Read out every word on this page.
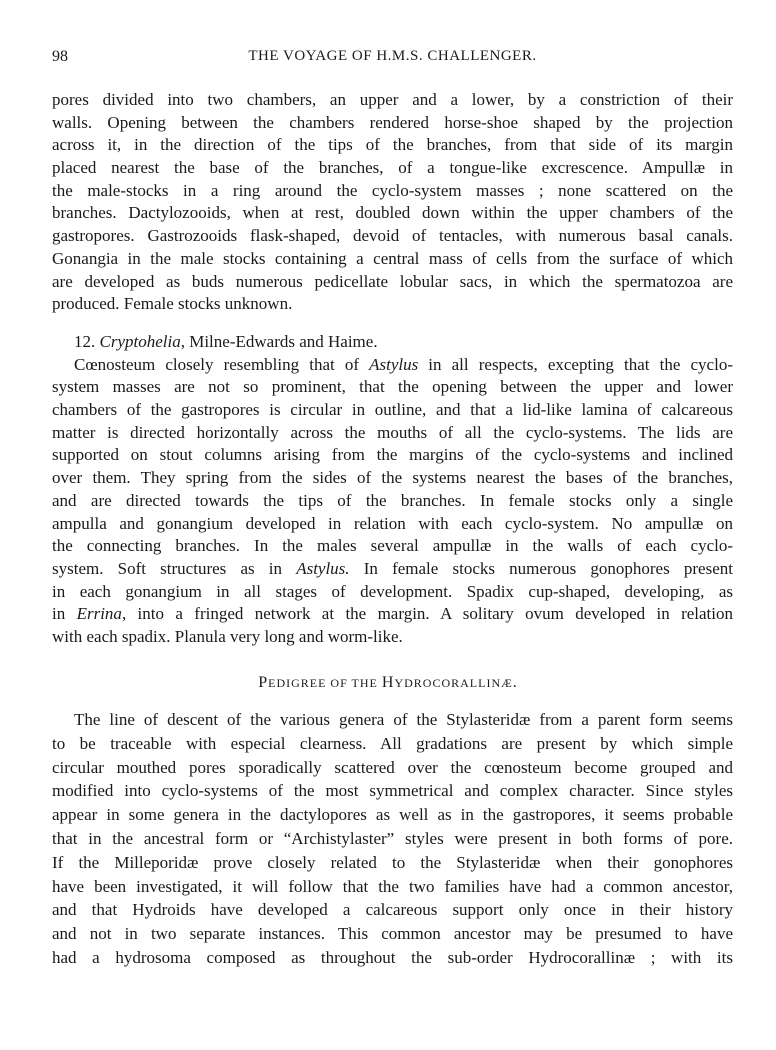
98	THE VOYAGE OF H.M.S. CHALLENGER.
pores divided into two chambers, an upper and a lower, by a constriction of their
walls. Opening between the chambers rendered horse-shoe shaped by the projection
across it, in the direction of the tips of the branches, from that side of its margin
placed nearest the base of the branches, of a tongue-like excrescence. Ampullæ in
the male-stocks in a ring around the cyclo-system masses ; none scattered on the
branches. Dactylozooids, when at rest, doubled down within the upper chambers of the
gastropores. Gastrozooids flask-shaped, devoid of tentacles, with numerous basal canals.
Gonangia in the male stocks containing a central mass of cells from the surface of which
are developed as buds numerous pedicellate lobular sacs, in which the spermatozoa are
produced. Female stocks unknown.
12. Cryptohelia, Milne-Edwards and Haime.
Cœnosteum closely resembling that of Astylus in all respects, excepting that the cyclo-
system masses are not so prominent, that the opening between the upper and lower
chambers of the gastropores is circular in outline, and that a lid-like lamina of calcareous
matter is directed horizontally across the mouths of all the cyclo-systems. The lids are
supported on stout columns arising from the margins of the cyclo-systems and inclined
over them. They spring from the sides of the systems nearest the bases of the branches,
and are directed towards the tips of the branches. In female stocks only a single
ampulla and gonangium developed in relation with each cyclo-system. No ampullæ on
the connecting branches. In the males several ampullæ in the walls of each cyclo-
system. Soft structures as in Astylus. In female stocks numerous gonophores present
in each gonangium in all stages of development. Spadix cup-shaped, developing, as
in Errina, into a fringed network at the margin. A solitary ovum developed in relation
with each spadix. Planula very long and worm-like.
PEDIGREE OF THE HYDROCORALLINÆ.
The line of descent of the various genera of the Stylasteridæ from a parent form seems
to be traceable with especial clearness. All gradations are present by which simple
circular mouthed pores sporadically scattered over the cœnosteum become grouped and
modified into cyclo-systems of the most symmetrical and complex character. Since styles
appear in some genera in the dactylopores as well as in the gastropores, it seems probable
that in the ancestral form or “Archistylaster” styles were present in both forms of pore.
If the Milleporidæ prove closely related to the Stylasteridæ when their gonophores
have been investigated, it will follow that the two families have had a common ancestor,
and that Hydroids have developed a calcareous support only once in their history
and not in two separate instances. This common ancestor may be presumed to have
had a hydrosoma composed as throughout the sub-order Hydrocorallinæ ; with its
